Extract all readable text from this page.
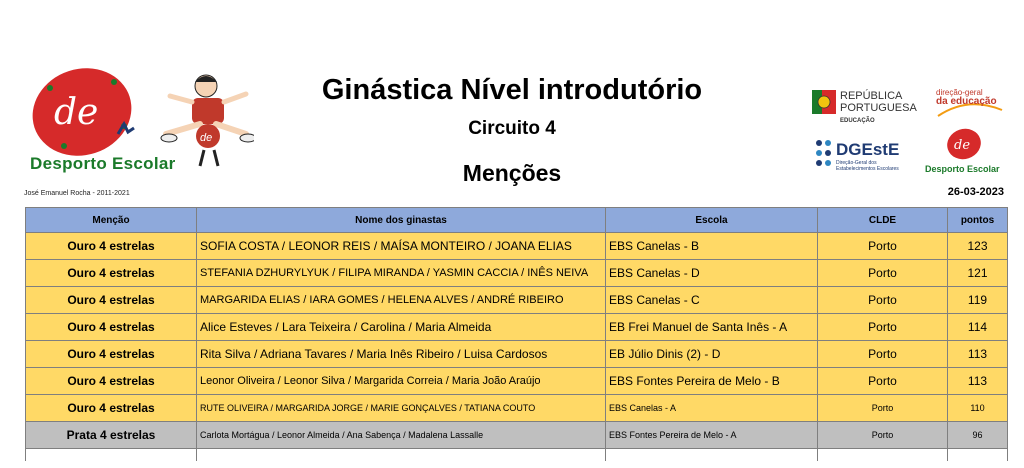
de
de
Desporto Escolar
Ginástica Nível introdutório
Circuito 4
Menções
José Emanuel Rocha - 2011-2021	26-03-2023
REPÚBLICA
PORTUGUESA
EDUCAÇÃO
direção-geral
da educação
DGEstE
Direção-Geral dos
Estabelecimentos Escolares
de
Desporto Escolar
Menção	Nome dos ginastas	Escola	CLDE	pontos
Ouro 4 estrelas	SOFIA COSTA / LEONOR REIS / MAÍSA MONTEIRO / JOANA ELIAS	EBS Canelas - B	Porto	123
Ouro 4 estrelas	STEFANIA DZHURYLYUK / FILIPA MIRANDA / YASMIN CACCIA / INÊS NEIVA	EBS Canelas - D	Porto	121
Ouro 4 estrelas	MARGARIDA ELIAS / IARA GOMES / HELENA ALVES / ANDRÉ RIBEIRO	EBS Canelas - C	Porto	119
Ouro 4 estrelas	Alice Esteves / Lara Teixeira / Carolina / Maria Almeida	EB Frei Manuel de Santa Inês - A	Porto	114
Ouro 4 estrelas	Rita Silva / Adriana Tavares / Maria Inês Ribeiro / Luisa Cardosos	EB Júlio Dinis (2) - D	Porto	113
Ouro 4 estrelas	Leonor Oliveira / Leonor Silva / Margarida Correia / Maria João Araújo	EBS Fontes Pereira de Melo - B	Porto	113
Ouro 4 estrelas	RUTE OLIVEIRA / MARGARIDA JORGE / MARIE GONÇALVES / TATIANA COUTO	EBS Canelas - A	Porto	110
Prata 4 estrelas	Carlota Mortágua / Leonor Almeida / Ana Sabença / Madalena Lassalle	EBS Fontes Pereira de Melo - A	Porto	96
